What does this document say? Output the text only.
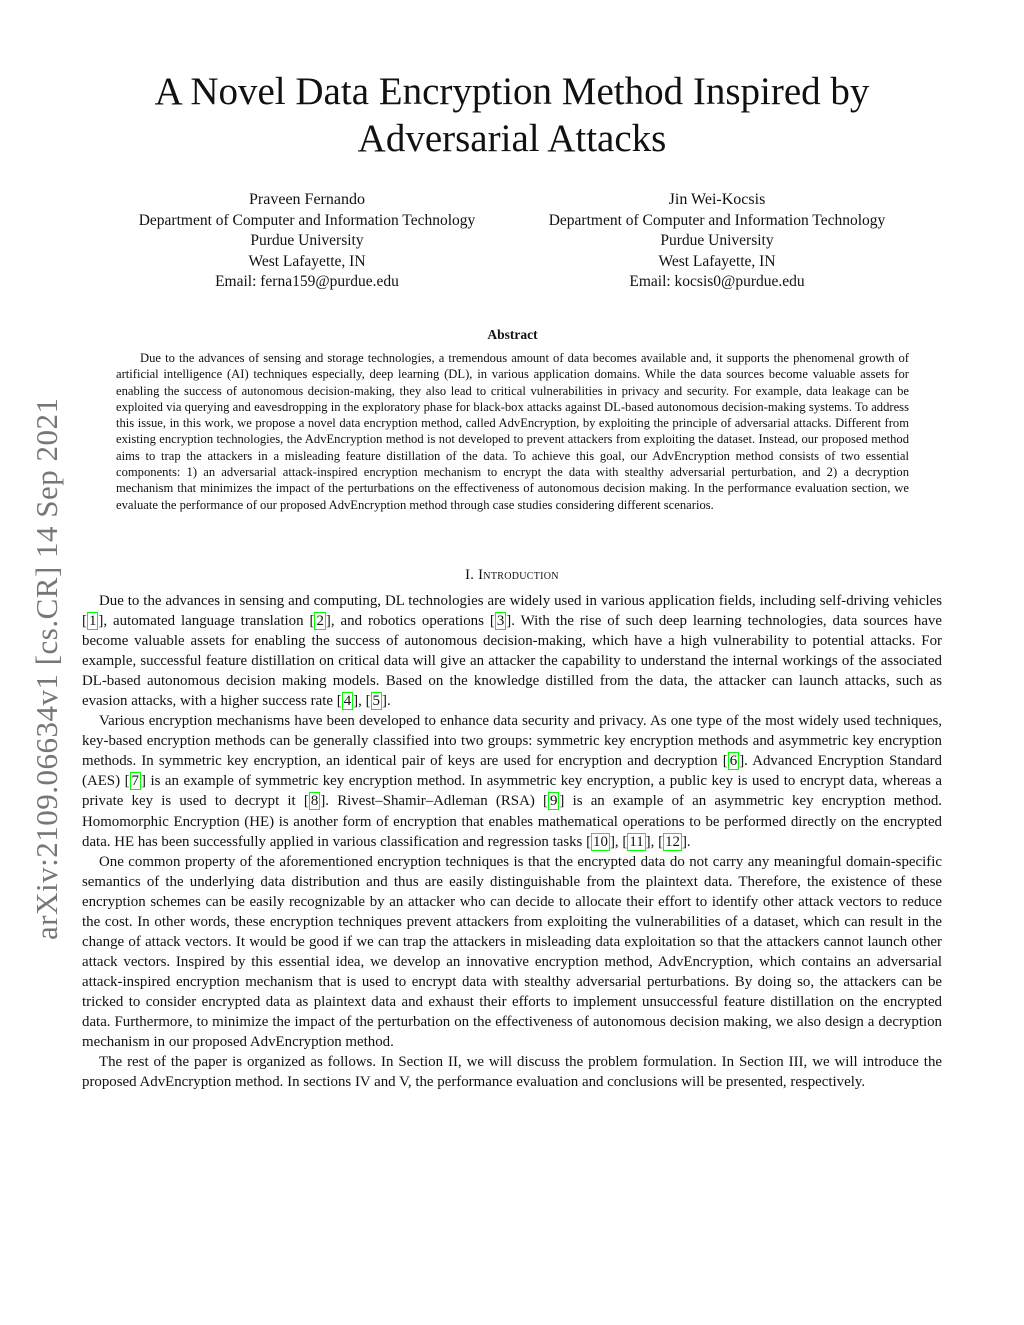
arXiv:2109.06634v1 [cs.CR] 14 Sep 2021
A Novel Data Encryption Method Inspired by Adversarial Attacks
Praveen Fernando
Department of Computer and Information Technology
Purdue University
West Lafayette, IN
Email: ferna159@purdue.edu
Jin Wei-Kocsis
Department of Computer and Information Technology
Purdue University
West Lafayette, IN
Email: kocsis0@purdue.edu
Abstract

Due to the advances of sensing and storage technologies, a tremendous amount of data becomes available and, it supports the phenomenal growth of artificial intelligence (AI) techniques especially, deep learning (DL), in various application domains. While the data sources become valuable assets for enabling the success of autonomous decision-making, they also lead to critical vulnerabilities in privacy and security. For example, data leakage can be exploited via querying and eavesdropping in the exploratory phase for black-box attacks against DL-based autonomous decision-making systems. To address this issue, in this work, we propose a novel data encryption method, called AdvEncryption, by exploiting the principle of adversarial attacks. Different from existing encryption technologies, the AdvEncryption method is not developed to prevent attackers from exploiting the dataset. Instead, our proposed method aims to trap the attackers in a misleading feature distillation of the data. To achieve this goal, our AdvEncryption method consists of two essential components: 1) an adversarial attack-inspired encryption mechanism to encrypt the data with stealthy adversarial perturbation, and 2) a decryption mechanism that minimizes the impact of the perturbations on the effectiveness of autonomous decision making. In the performance evaluation section, we evaluate the performance of our proposed AdvEncryption method through case studies considering different scenarios.

I. Introduction

Due to the advances in sensing and computing, DL technologies are widely used in various application fields, including self-driving vehicles [ 1 ], automated language translation [ 2 ], and robotics operations [ 3 ]. With the rise of such deep learning technologies, data sources have become valuable assets for enabling the success of autonomous decision-making, which have a high vulnerability to potential attacks. For example, successful feature distillation on critical data will give an attacker the capability to understand the internal workings of the associated DL-based autonomous decision making models. Based on the knowledge distilled from the data, the attacker can launch attacks, such as evasion attacks, with a higher success rate [ 4 ], [ 5 ].

Various encryption mechanisms have been developed to enhance data security and privacy. As one type of the most widely used techniques, key-based encryption methods can be generally classified into two groups: symmetric key encryption methods and asymmetric key encryption methods. In symmetric key encryption, an identical pair of keys are used for encryption and decryption [ 6 ]. Advanced Encryption Standard (AES) [ 7 ] is an example of symmetric key encryption method. In asymmetric key encryption, a public key is used to encrypt data, whereas a private key is used to decrypt it [ 8 ]. Rivest–Shamir–Adleman (RSA) [ 9 ] is an example of an asymmetric key encryption method. Homomorphic Encryption (HE) is another form of encryption that enables mathematical operations to be performed directly on the encrypted data. HE has been successfully applied in various classification and regression tasks [ 10 ], [ 11 ], [ 12 ].

One common property of the aforementioned encryption techniques is that the encrypted data do not carry any meaningful domain-specific semantics of the underlying data distribution and thus are easily distinguishable from the plaintext data. Therefore, the existence of these encryption schemes can be easily recognizable by an attacker who can decide to allocate their effort to identify other attack vectors to reduce the cost. In other words, these encryption techniques prevent attackers from exploiting the vulnerabilities of a dataset, which can result in the change of attack vectors. It would be good if we can trap the attackers in misleading data exploitation so that the attackers cannot launch other attack vectors. Inspired by this essential idea, we develop an innovative encryption method, AdvEncryption, which contains an adversarial attack-inspired encryption mechanism that is used to encrypt data with stealthy adversarial perturbations. By doing so, the attackers can be tricked to consider encrypted data as plaintext data and exhaust their efforts to implement unsuccessful feature distillation on the encrypted data. Furthermore, to minimize the impact of the perturbation on the effectiveness of autonomous decision making, we also design a decryption mechanism in our proposed AdvEncryption method.

The rest of the paper is organized as follows. In Section II, we will discuss the problem formulation. In Section III, we will introduce the proposed AdvEncryption method. In sections IV and V, the performance evaluation and conclusions will be presented, respectively.
